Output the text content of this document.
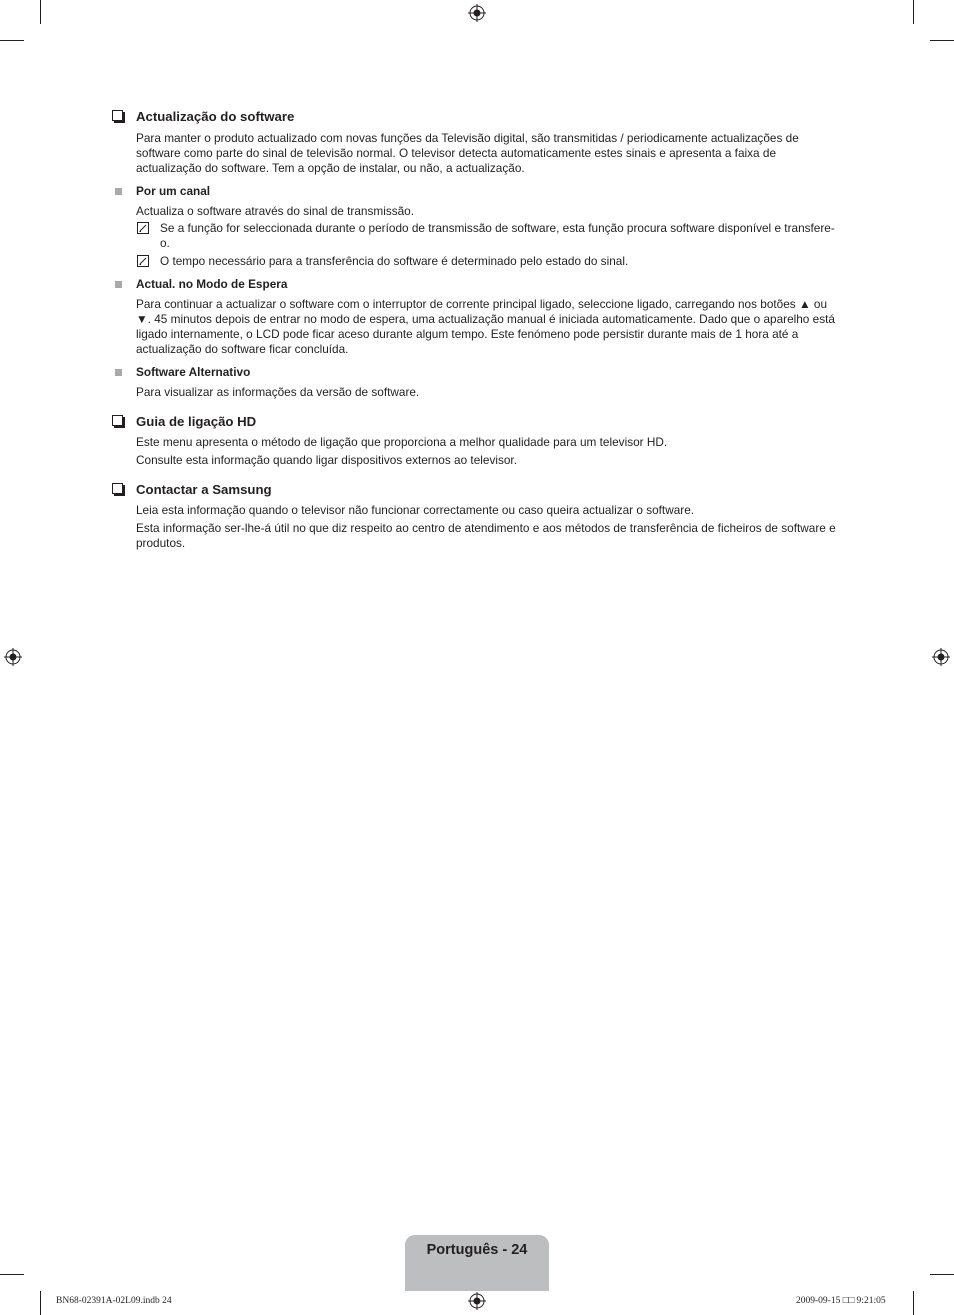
Actualização do software

Para manter o produto actualizado com novas funções da Televisão digital, são transmitidas / periodicamente actualizações de software como parte do sinal de televisão normal. O televisor detecta automaticamente estes sinais e apresenta a faixa de actualização do software. Tem a opção de instalar, ou não, a actualização.

Por um canal

Actualiza o software através do sinal de transmissão.

Se a função for seleccionada durante o período de transmissão de software, esta função procura software disponível e transfere-o.

O tempo necessário para a transferência do software é determinado pelo estado do sinal.

Actual. no Modo de Espera

Para continuar a actualizar o software com o interruptor de corrente principal ligado, seleccione ligado, carregando nos botões ▲ ou ▼. 45 minutos depois de entrar no modo de espera, uma actualização manual é iniciada automaticamente. Dado que o aparelho está ligado internamente, o LCD pode ficar aceso durante algum tempo. Este fenómeno pode persistir durante mais de 1 hora até a actualização do software ficar concluída.

Software Alternativo

Para visualizar as informações da versão de software.

Guia de ligação HD

Este menu apresenta o método de ligação que proporciona a melhor qualidade para um televisor HD.

Consulte esta informação quando ligar dispositivos externos ao televisor.

Contactar a Samsung

Leia esta informação quando o televisor não funcionar correctamente ou caso queira actualizar o software.

Esta informação ser-lhe-á útil no que diz respeito ao centro de atendimento e aos métodos de transferência de ficheiros de software e produtos.

Português - 24
BN68-02391A-02L09.indb 24	2009-09-15 □□ 9:21:05
